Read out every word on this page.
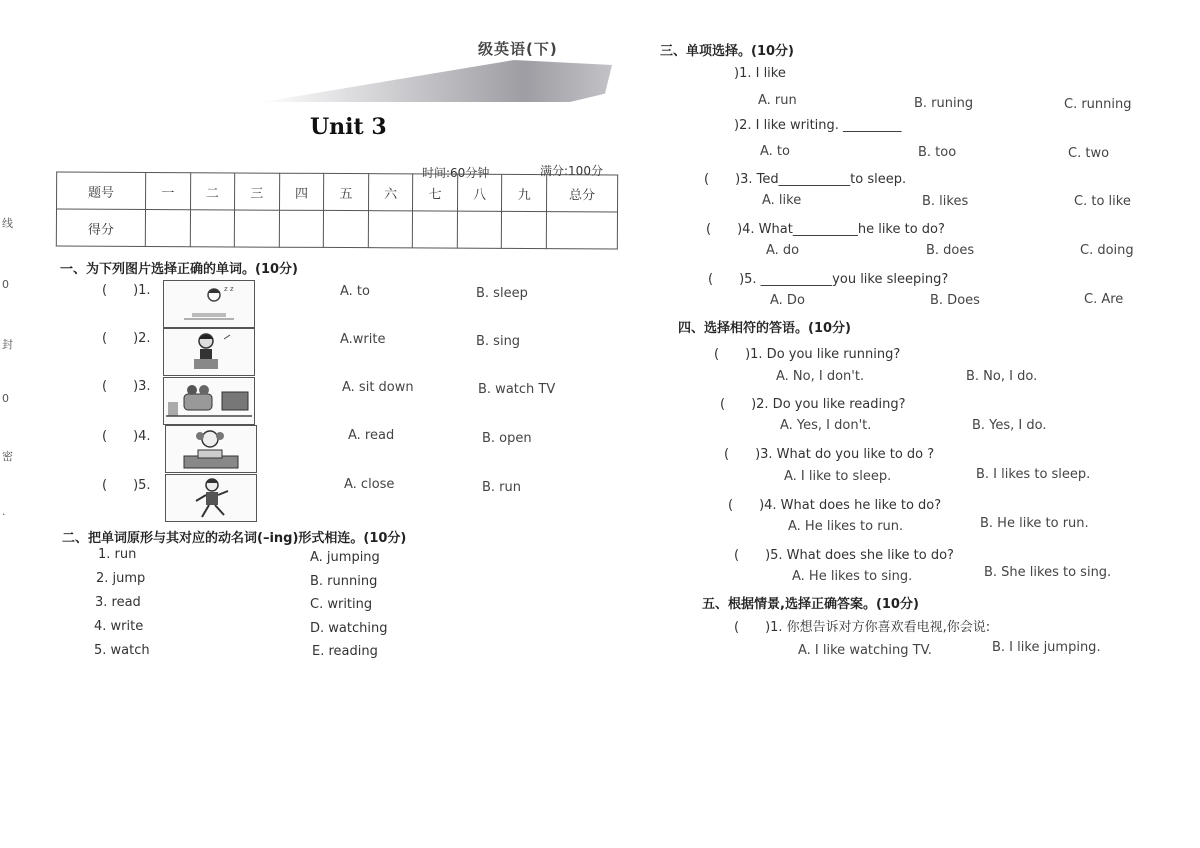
级英语(下)
Unit 3
时间:60分钟	满分:100分
线
0
封
0
密
·
题号	一	二	三	四	五	六	七	八	九	总分
得分										
一、为下列图片选择正确的单词。(10分)
(　　)1.	z z	A. to	B. sleep
(　　)2.	A.write	B. sing
(　　)3.	A. sit down	B. watch TV
(　　)4.	A. read	B. open
(　　)5.	A. close	B. run
二、把单词原形与其对应的动名词(–ing)形式相连。(10分)
1. run
2. jump
3. read
4. write
5. watch
A. jumping
B. running
C. writing
D. watching
E. reading
三、单项选择。(10分)
)1. I like
A. run	B. runing	C. running
)2. I like writing. _________
A. to	B. too	C. two
(　　)3. Ted___________to sleep.
A. like	B. likes	C. to like
(　　)4. What__________he like to do?
A. do	B. does	C. doing
(　　)5. ___________you like sleeping?
A. Do	B. Does	C. Are
四、选择相符的答语。(10分)
(　　)1. Do you like running?
A. No, I don't.	B. No, I do.
(　　)2. Do you like reading?
A. Yes, I don't.	B. Yes, I do.
(　　)3. What do you like to do ?
A. I like to sleep.	B. I likes to sleep.
(　　)4. What does he like to do?
A. He likes to run.	B. He like to run.
(　　)5. What does she like to do?
A. He likes to sing.	B. She likes to sing.
五、根据情景,选择正确答案。(10分)
(　　)1. 你想告诉对方你喜欢看电视,你会说:
A. I like watching TV.	B. I like jumping.
